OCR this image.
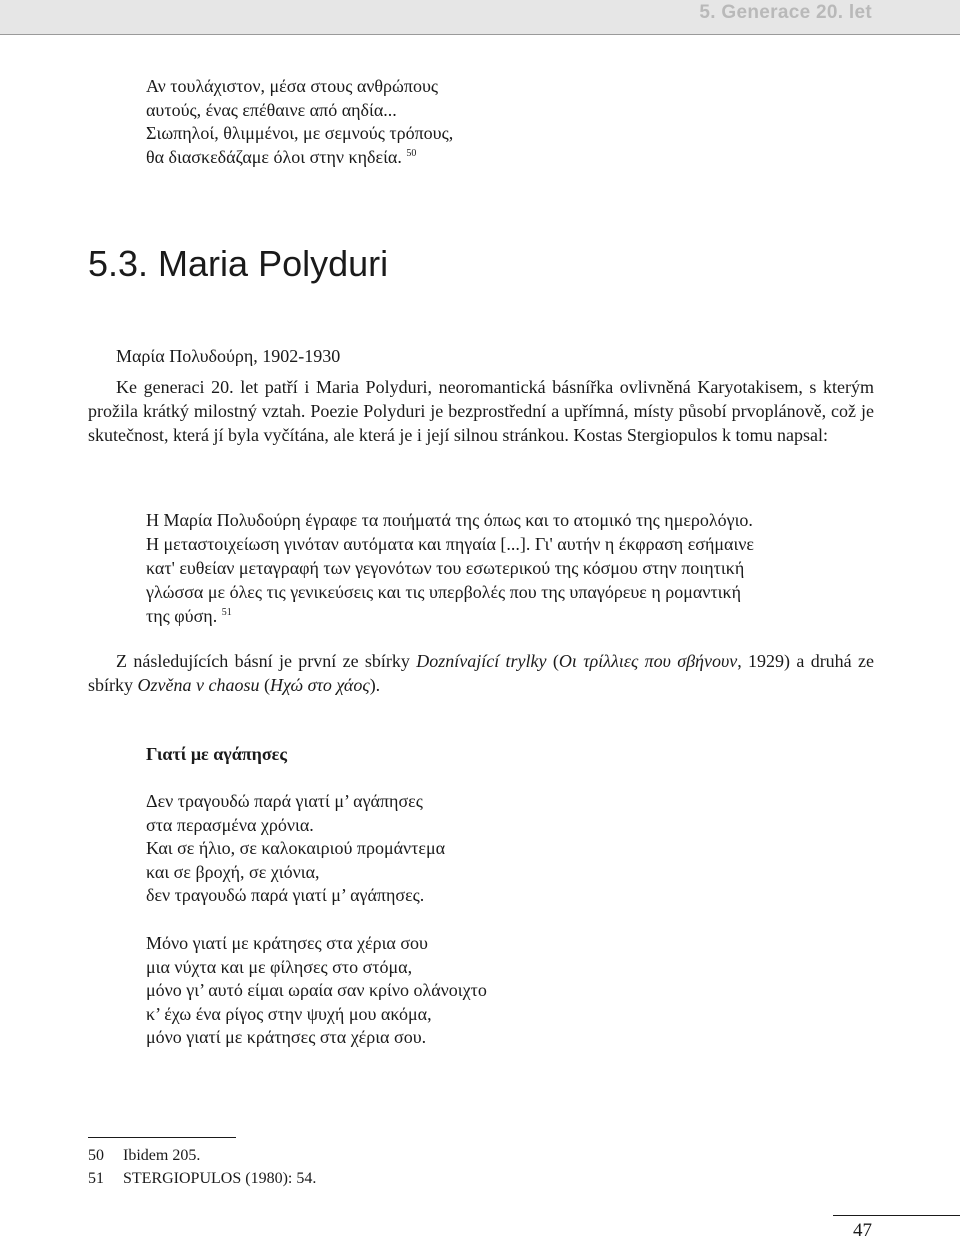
5. Generace 20. let
Αν τουλάχιστον, μέσα στους ανθρώπους
αυτούς, ένας επέθαινε από αηδία...
Σιωπηλοί, θλιμμένοι, με σεμνούς τρόπους,
θα διασκεδάζαμε όλοι στην κηδεία. $^{50}$
5.3. Maria Polyduri
Μαρία Πολυδούρη, 1902-1930

Ke generaci 20. let patří i Maria Polyduri, neoromantická básnířka ovlivněná Karyotakisem, s kterým prožila krátký milostný vztah. Poezie Polyduri je bezprostřední a upřímná, místy působí prvoplánově, což je skutečnost, která jí byla vyčítána, ale která je i její silnou stránkou. Kostas Stergiopulos k tomu napsal:

Η Μαρία Πολυδούρη έγραφε τα ποιήματά της όπως και το ατομικό της ημερολόγιο.
Η μεταστοιχείωση γινόταν αυτόματα και πηγαία [...]. Γι' αυτήν η έκφραση εσήμαινε
κατ' ευθείαν μεταγραφή των γεγονότων του εσωτερικού της κόσμου στην ποιητική
γλώσσα με όλες τις γενικεύσεις και τις υπερβολές που της υπαγόρευε η ρομαντική
της φύση. $^{51}$

Z následujících básní je první ze sbírky Doznívající trylky (Οι τρίλλιες που σβήνουν, 1929) a druhá ze sbírky Ozvěna v chaosu (Ηχώ στο χάος).

Γιατί με αγάπησες
Δεν τραγουδώ παρά γιατί μ’ αγάπησες
στα περασμένα χρόνια.
Και σε ήλιο, σε καλοκαιριού προμάντεμα
και σε βροχή, σε χιόνια,
δεν τραγουδώ παρά γιατί μ’ αγάπησες.
Μόνο γιατί με κράτησες στα χέρια σου
μια νύχτα και με φίλησες στο στόμα,
μόνο γι’ αυτό είμαι ωραία σαν κρίνο ολάνοιχτο
κ’ έχω ένα ρίγος στην ψυχή μου ακόμα,
μόνο γιατί με κράτησες στα χέρια σου.
50 Ibidem 205.
51 STERGIOPULOS (1980): 54.
47
